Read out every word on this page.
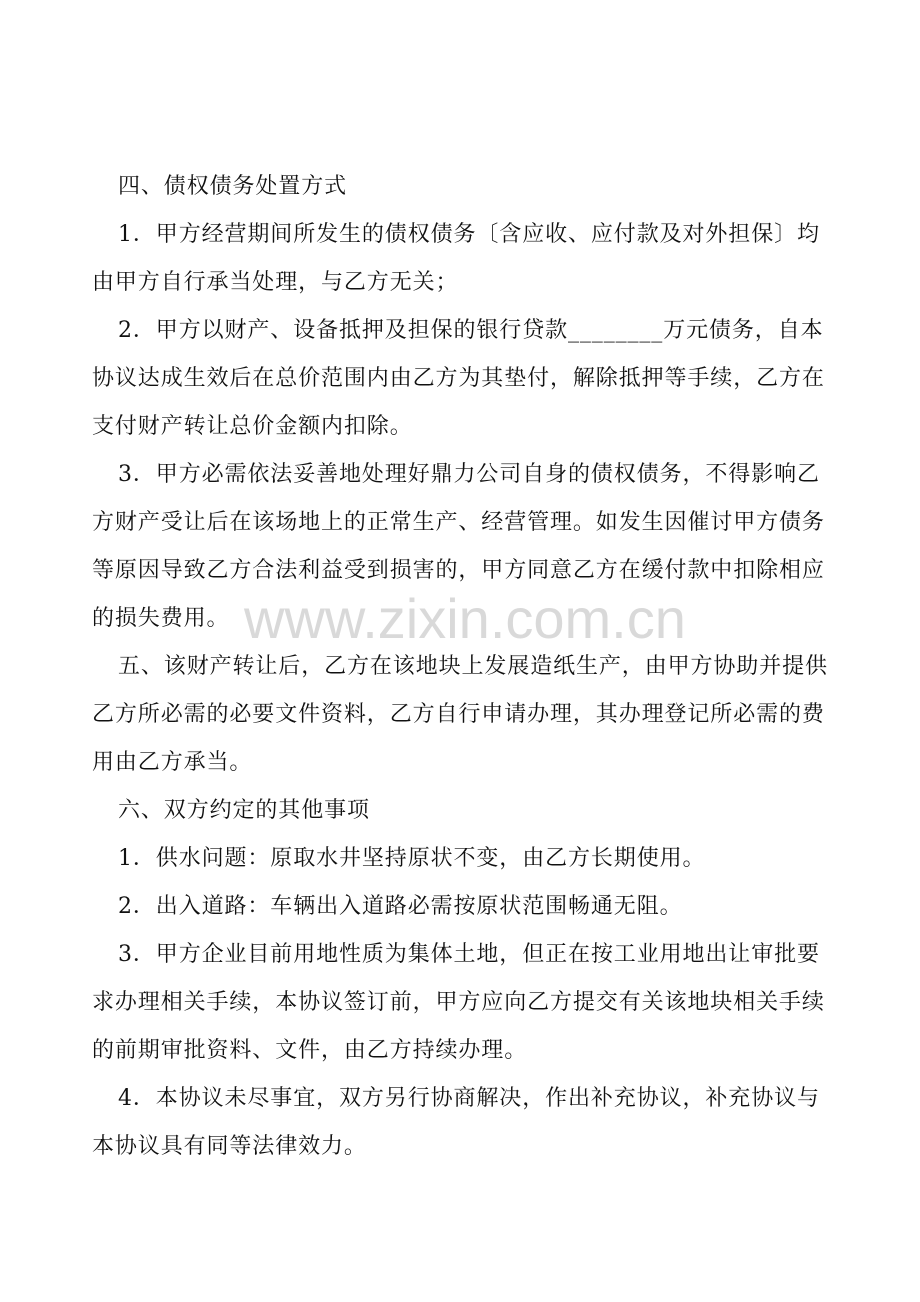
四、债权债务处置方式
1．甲方经营期间所发生的债权债务〔含应收、应付款及对外担保〕均
由甲方自行承当处理，与乙方无关；
2．甲方以财产、设备抵押及担保的银行贷款________万元债务，自本
协议达成生效后在总价范围内由乙方为其垫付，解除抵押等手续，乙方在
支付财产转让总价金额内扣除。
3．甲方必需依法妥善地处理好鼎力公司自身的债权债务，不得影响乙
方财产受让后在该场地上的正常生产、经营管理。如发生因催讨甲方债务
等原因导致乙方合法利益受到损害的，甲方同意乙方在缓付款中扣除相应
的损失费用。
五、该财产转让后，乙方在该地块上发展造纸生产，由甲方协助并提供
乙方所必需的必要文件资料，乙方自行申请办理，其办理登记所必需的费
用由乙方承当。
六、双方约定的其他事项
1．供水问题：原取水井坚持原状不变，由乙方长期使用。
2．出入道路：车辆出入道路必需按原状范围畅通无阻。
3．甲方企业目前用地性质为集体土地，但正在按工业用地出让审批要
求办理相关手续，本协议签订前，甲方应向乙方提交有关该地块相关手续
的前期审批资料、文件，由乙方持续办理。
4．本协议未尽事宜，双方另行协商解决，作出补充协议，补充协议与
本协议具有同等法律效力。
www.zixin.com.cn
